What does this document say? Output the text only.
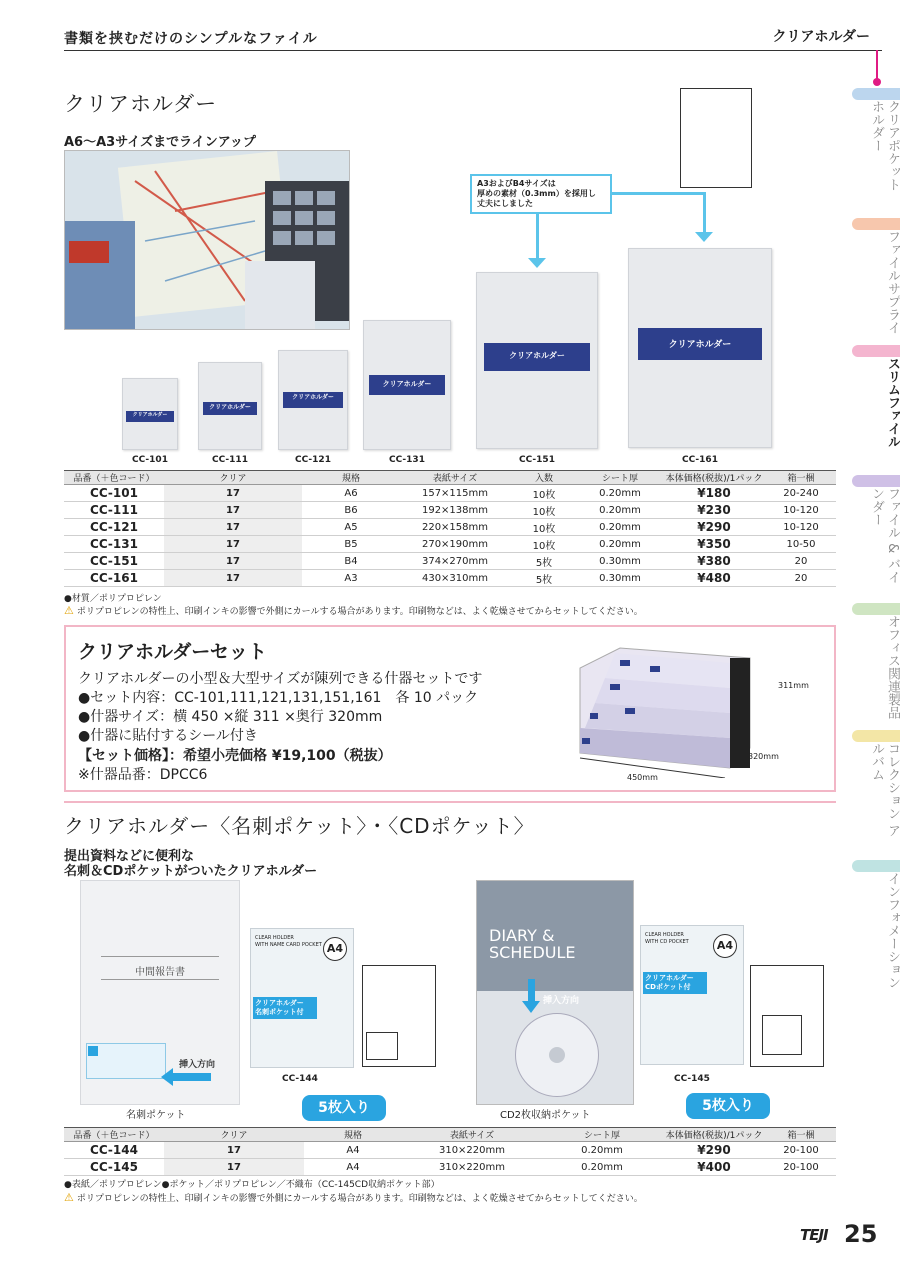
書類を挟むだけのシンプルなファイル	クリアホルダー
クリアポケット ホルダー
ファイルサプライ
スリムファイル
ファイル & バインダー
オフィス関連製品
コレクション アルバム
インフォメーション
クリアホルダー
A6〜A3サイズまでラインアップ
A3およびB4サイズは
厚めの素材（0.3mm）を採用し
丈夫にしました
クリアホルダー
クリアホルダー
クリアホルダー
クリアホルダー
クリアホルダー
クリアホルダー
CC-101	CC-111	CC-121	CC-131	CC-151	CC-161
品番（＋色コード）	クリア	規格	表紙サイズ	入数	シート厚	本体価格(税抜)/1パック	箱一梱
CC-101	17	A6	157×115mm	10枚	0.20mm	¥180	20-240
CC-111	17	B6	192×138mm	10枚	0.20mm	¥230	10-120
CC-121	17	A5	220×158mm	10枚	0.20mm	¥290	10-120
CC-131	17	B5	270×190mm	10枚	0.20mm	¥350	10-50
CC-151	17	B4	374×270mm	5枚	0.30mm	¥380	20
CC-161	17	A3	430×310mm	5枚	0.30mm	¥480	20
●材質／ポリプロピレン
⚠ ポリプロピレンの特性上、印刷インキの影響で外側にカールする場合があります。印刷物などは、よく乾燥させてからセットしてください。
クリアホルダーセット
クリアホルダーの小型＆大型サイズが陳列できる什器セットです
●セット内容：CC-101,111,121,131,151,161　各 10 パック
●什器サイズ：横 450 ×縦 311 ×奥行 320mm
●什器に貼付するシール付き
【セット価格】：希望小売価格 ¥19,100（税抜）
※什器品番：DPCC6
311mm
320mm
450mm
クリアホルダー〈名刺ポケット〉・〈CDポケット〉
提出資料などに便利な
名刺＆CDポケットがついたクリアホルダー
中間報告書
挿入方向
名刺ポケット
CLEAR HOLDER
WITH NAME CARD POCKET A4
クリアホルダー
名刺ポケット付
CC-144
5枚入り
DIARY &
SCHEDULE
挿入方向
CD2枚収納ポケット
CLEAR HOLDER
WITH CD POCKET	A4
クリアホルダー
CDポケット付
CC-145
5枚入り
品番（＋色コード）	クリア	規格	表紙サイズ	シート厚	本体価格(税抜)/1パック	箱一梱
CC-144	17	A4	310×220mm	0.20mm	¥290	20-100
CC-145	17	A4	310×220mm	0.20mm	¥400	20-100
●表紙／ポリプロピレン●ポケット／ポリプロピレン／不織布（CC-145CD収納ポケット部）
⚠ ポリプロピレンの特性上、印刷インキの影響で外側にカールする場合があります。印刷物などは、よく乾燥させてからセットしてください。
TEJI 25
